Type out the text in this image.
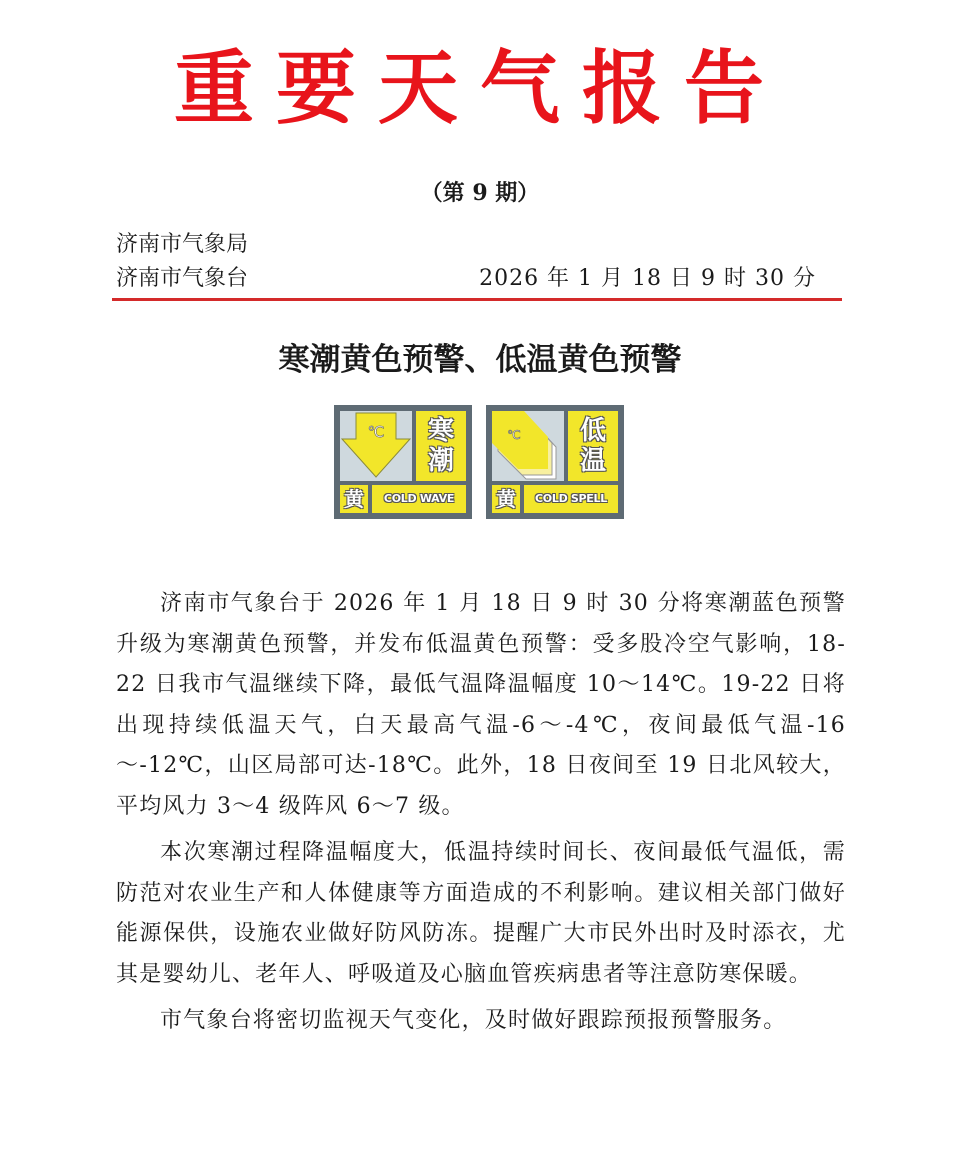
重要天气报告
（第 9 期）
济南市气象局
济南市气象台	2026 年 1 月 18 日 9 时 30 分
寒潮黄色预警、低温黄色预警
℃ 寒
潮
黄	COLD WAVE
℃ 低
温
黄	COLD SPELL

济南市气象台于 2026 年 1 月 18 日 9 时 30 分将寒潮蓝色预警升级为寒潮黄色预警，并发布低温黄色预警：受多股冷空气影响，18-22 日我市气温继续下降，最低气温降温幅度 10～14℃。19-22 日将出现持续低温天气，白天最高气温-6～-4℃，夜间最低气温-16～-12℃，山区局部可达-18℃。此外，18 日夜间至 19 日北风较大，平均风力 3～4 级阵风 6～7 级。

本次寒潮过程降温幅度大，低温持续时间长、夜间最低气温低，需防范对农业生产和人体健康等方面造成的不利影响。建议相关部门做好能源保供，设施农业做好防风防冻。提醒广大市民外出时及时添衣，尤其是婴幼儿、老年人、呼吸道及心脑血管疾病患者等注意防寒保暖。

市气象台将密切监视天气变化，及时做好跟踪预报预警服务。
